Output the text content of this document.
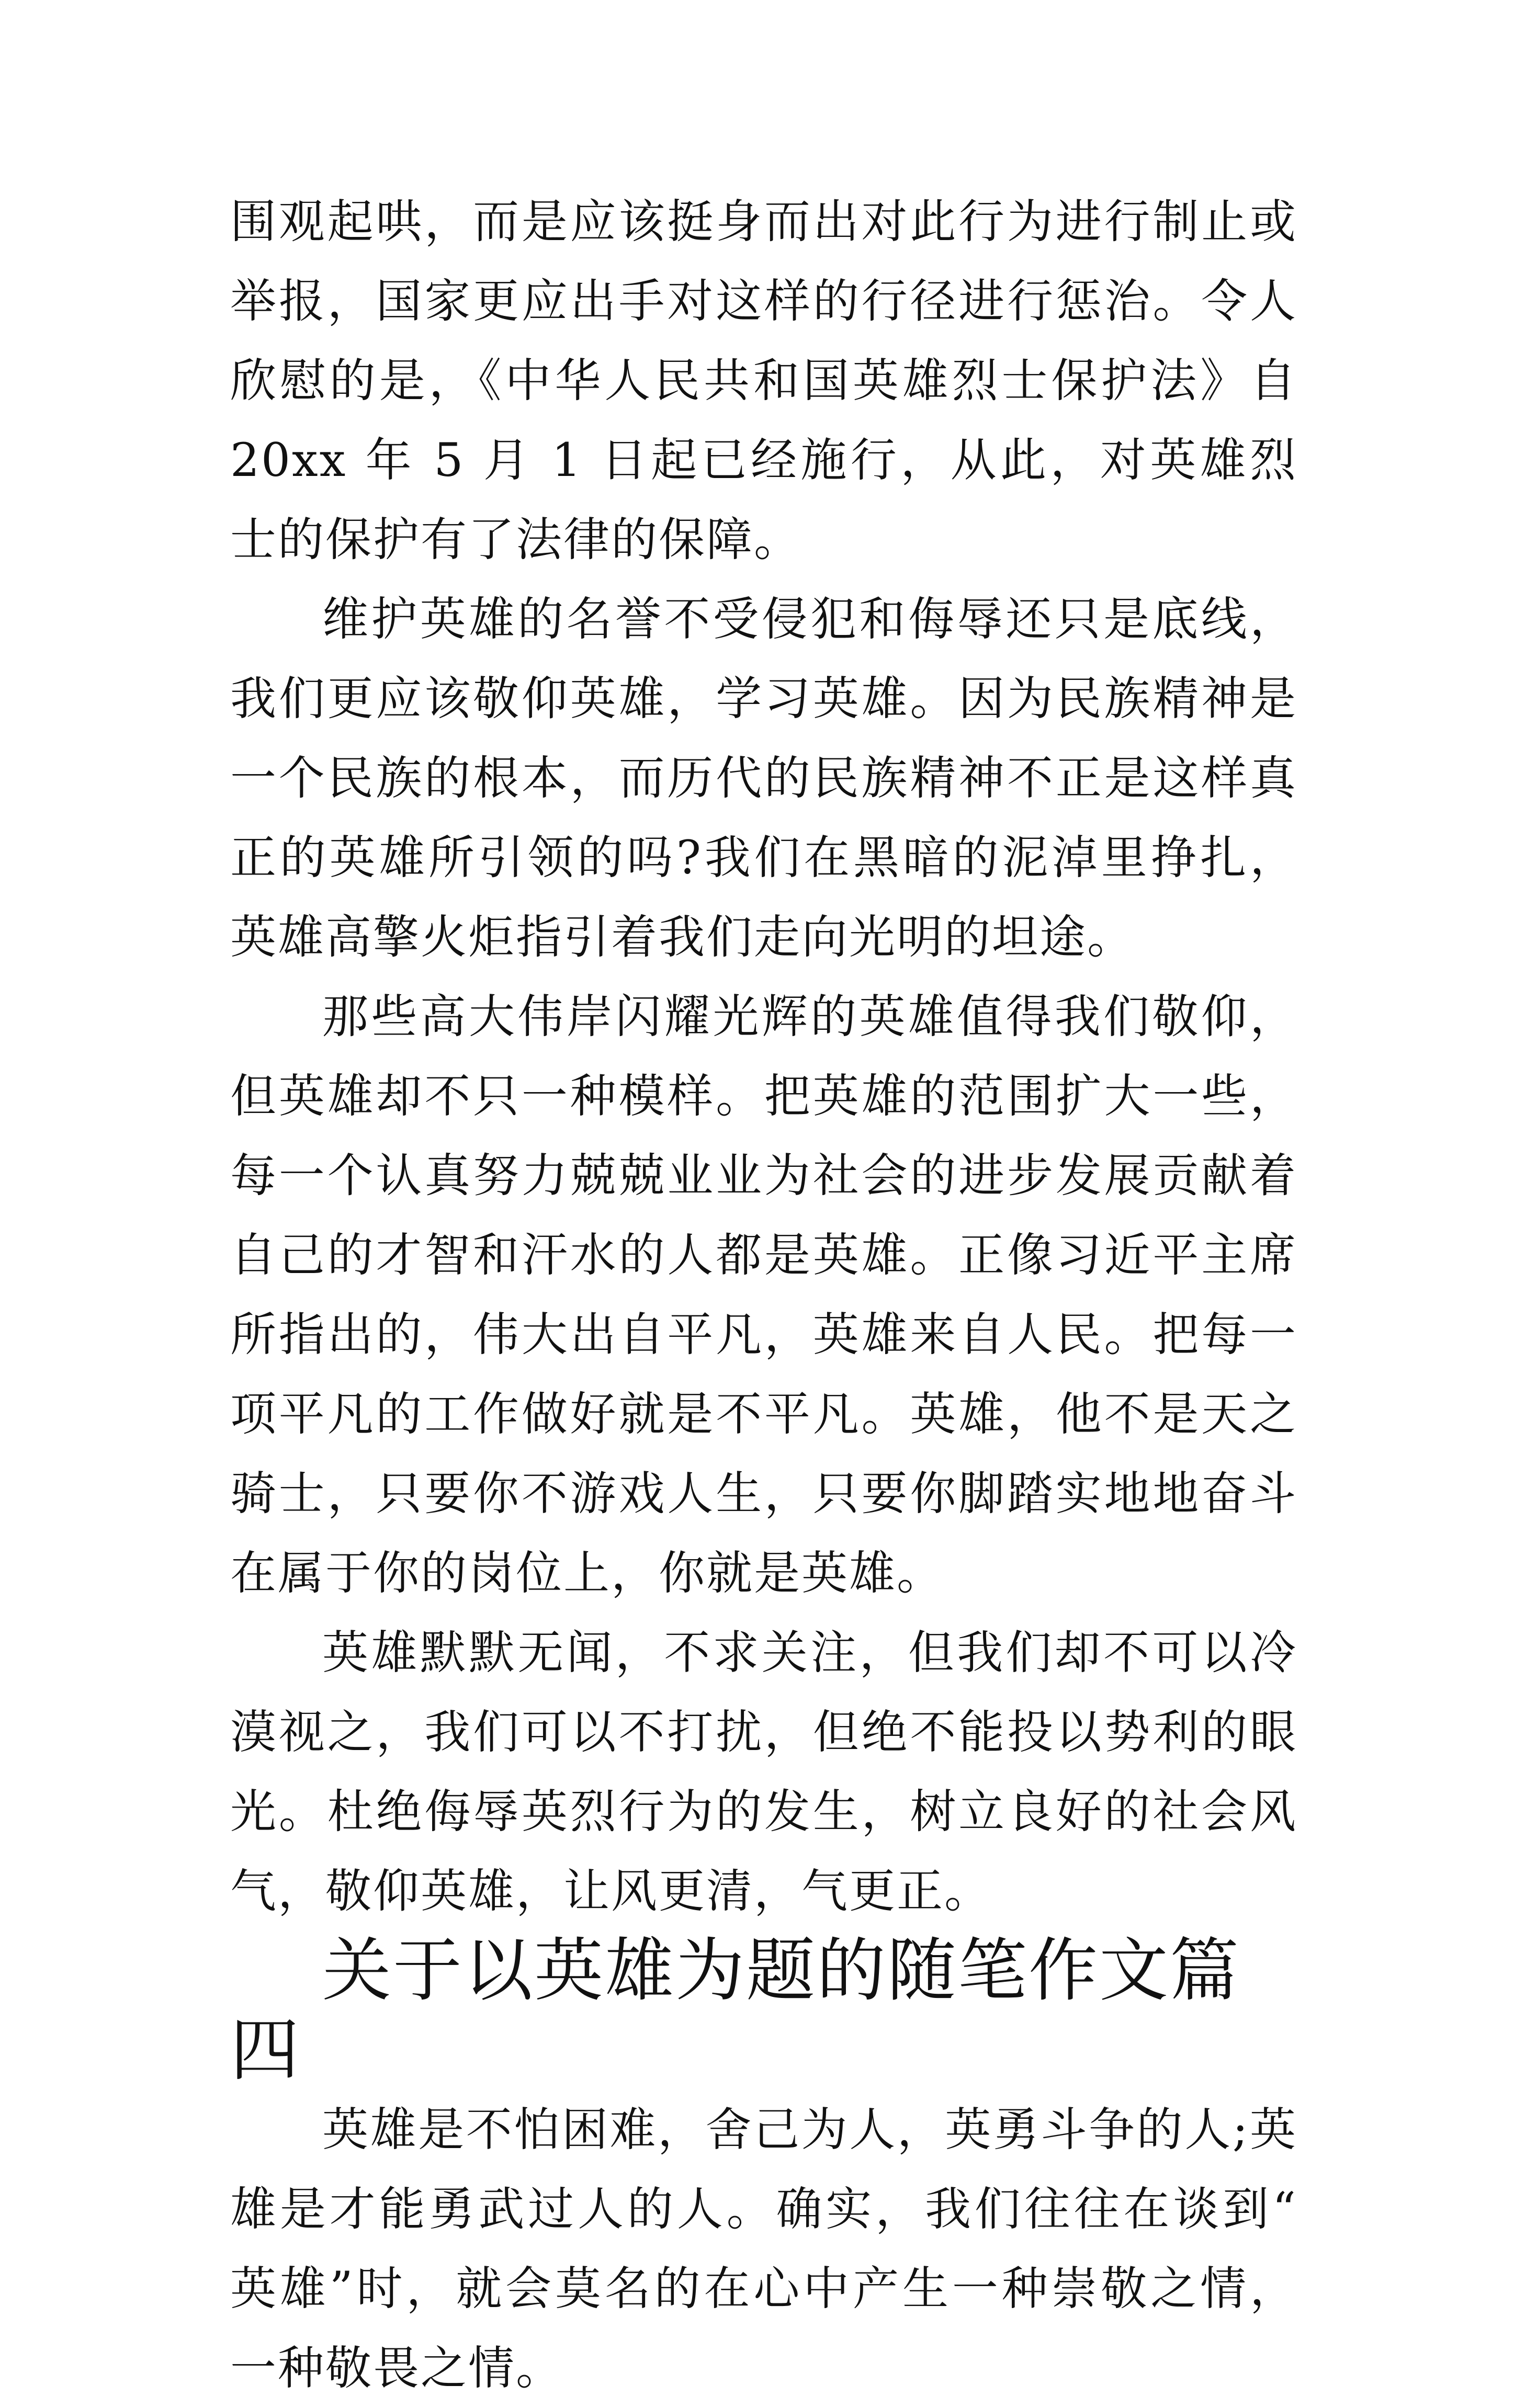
围观起哄，而是应该挺身而出对此行为进行制止或举报，国家更应出手对这样的行径进行惩治。令人欣慰的是，《中华人民共和国英雄烈士保护法》自 20xx 年 5 月 1 日起已经施行，从此，对英雄烈士的保护有了法律的保障。

维护英雄的名誉不受侵犯和侮辱还只是底线，我们更应该敬仰英雄，学习英雄。因为民族精神是一个民族的根本，而历代的民族精神不正是这样真正的英雄所引领的吗?我们在黑暗的泥淖里挣扎，英雄高擎火炬指引着我们走向光明的坦途。

那些高大伟岸闪耀光辉的英雄值得我们敬仰，但英雄却不只一种模样。把英雄的范围扩大一些，每一个认真努力兢兢业业为社会的进步发展贡献着自己的才智和汗水的人都是英雄。正像习近平主席所指出的，伟大出自平凡，英雄来自人民。把每一项平凡的工作做好就是不平凡。英雄，他不是天之骑士，只要你不游戏人生，只要你脚踏实地地奋斗在属于你的岗位上，你就是英雄。

英雄默默无闻，不求关注，但我们却不可以冷漠视之，我们可以不打扰，但绝不能投以势利的眼光。杜绝侮辱英烈行为的发生，树立良好的社会风气，敬仰英雄，让风更清，气更正。

关于以英雄为题的随笔作文篇四

英雄是不怕困难，舍己为人，英勇斗争的人;英雄是才能勇武过人的人。确实，我们往往在谈到“英雄”时，就会莫名的在心中产生一种崇敬之情，一种敬畏之情。
